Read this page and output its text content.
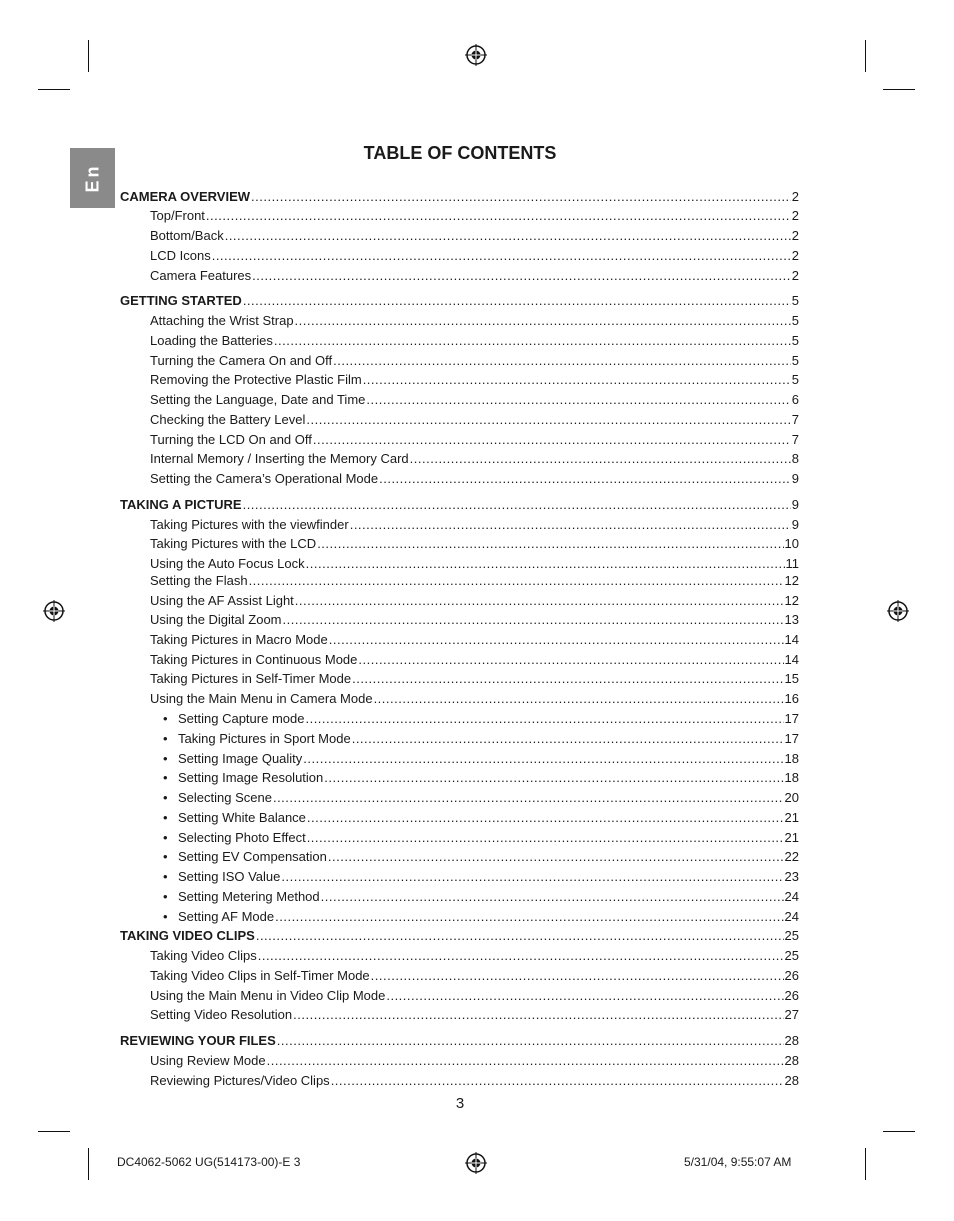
En
TABLE OF CONTENTS
CAMERA OVERVIEW .....	2
Top/Front .....	2
Bottom/Back .....	2
LCD Icons .....	2
Camera Features .....	2
GETTING STARTED .....	5
Attaching the Wrist Strap .....	5
Loading the Batteries .....	5
Turning the Camera On and Off .....	5
Removing the Protective Plastic Film .....	5
Setting the Language, Date and Time .....	6
Checking the Battery Level .....	7
Turning the LCD On and Off .....	7
Internal Memory / Inserting the Memory Card .....	8
Setting the Camera’s Operational Mode .....	9
TAKING A PICTURE .....	9
Taking Pictures with the viewfinder .....	9
Taking Pictures with the LCD .....	10
Using the Auto Focus Lock .....	11
Setting the Flash .....	12
Using the AF Assist Light .....	12
Using the Digital Zoom .....	13
Taking Pictures in Macro Mode .....	14
Taking Pictures in Continuous Mode .....	14
Taking Pictures in Self-Timer Mode .....	15
Using the Main Menu in Camera Mode .....	16
• Setting Capture mode .....	17
• Taking Pictures in Sport Mode .....	17
• Setting Image Quality .....	18
• Setting Image Resolution .....	18
• Selecting Scene .....	20
• Setting White Balance .....	21
• Selecting Photo Effect .....	21
• Setting EV Compensation .....	22
• Setting ISO Value .....	23
• Setting Metering Method .....	24
• Setting AF Mode .....	24
TAKING VIDEO CLIPS .....	25
Taking Video Clips .....	25
Taking Video Clips in Self-Timer Mode .....	26
Using the Main Menu in Video Clip Mode .....	26
Setting Video Resolution .....	27
REVIEWING YOUR FILES .....	28
Using Review Mode .....	28
Reviewing Pictures/Video Clips .....	28
3
DC4062-5062 UG(514173-00)-E 3	5/31/04, 9:55:07 AM
